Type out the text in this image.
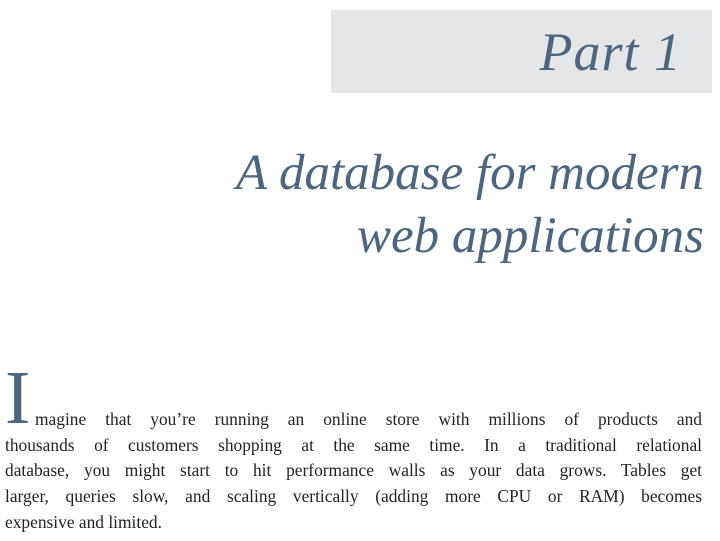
Part 1
A database for modern
web applications
I magine that you’re running an online store with millions of products and
thousands of customers shopping at the same time. In a traditional relational
database, you might start to hit performance walls as your data grows. Tables get
larger, queries slow, and scaling vertically (adding more CPU or RAM) becomes
expensive and limited.
